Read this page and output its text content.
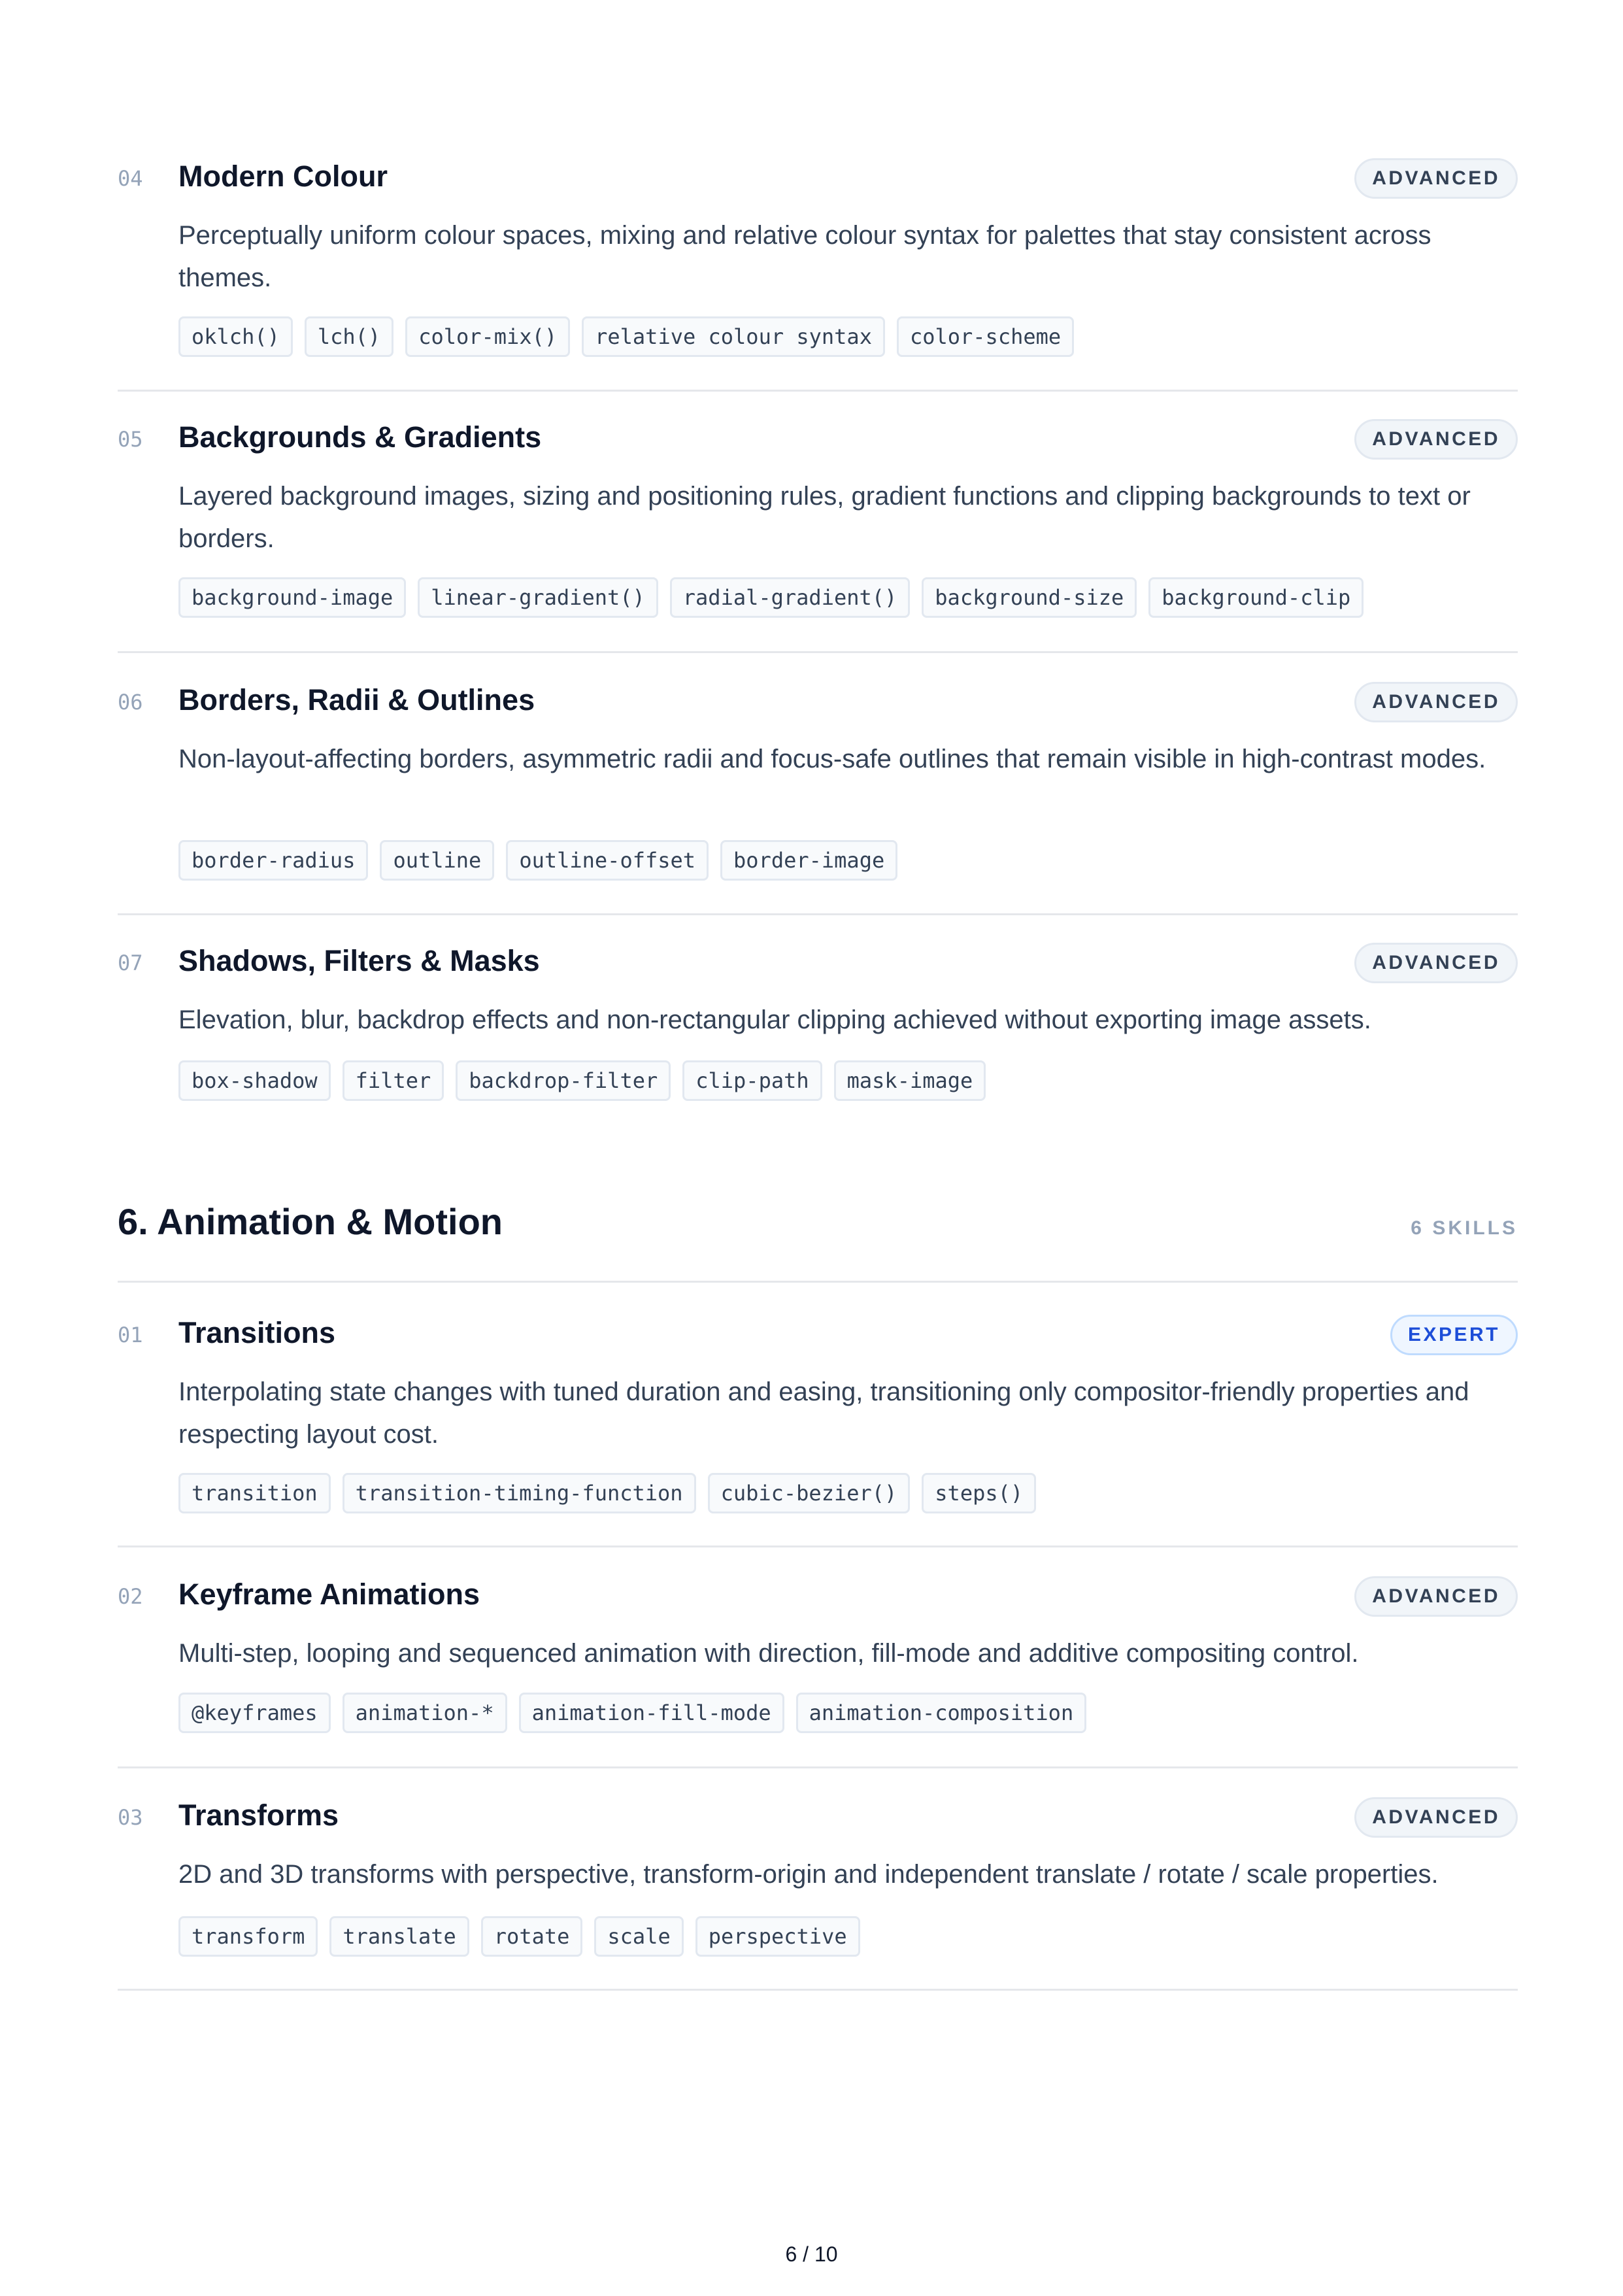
04 Modern Colour	ADVANCED
Perceptually uniform colour spaces, mixing and relative colour syntax for palettes that stay consistent across themes.
oklch()	lch()	color-mix()	relative colour syntax	color-scheme
05 Backgrounds & Gradients	ADVANCED
Layered background images, sizing and positioning rules, gradient functions and clipping backgrounds to text or borders.
background-image	linear-gradient()	radial-gradient()	background-size	background-clip
06 Borders, Radii & Outlines	ADVANCED
Non-layout-affecting borders, asymmetric radii and focus-safe outlines that remain visible in high-contrast modes.
border-radius	outline	outline-offset	border-image
07 Shadows, Filters & Masks	ADVANCED
Elevation, blur, backdrop effects and non-rectangular clipping achieved without exporting image assets.
box-shadow	filter	backdrop-filter	clip-path	mask-image
6. Animation & Motion	6 SKILLS
01 Transitions	EXPERT
Interpolating state changes with tuned duration and easing, transitioning only compositor-friendly properties and respecting layout cost.
transition	transition-timing-function	cubic-bezier()	steps()
02 Keyframe Animations	ADVANCED
Multi-step, looping and sequenced animation with direction, fill-mode and additive compositing control.
@keyframes	animation-*	animation-fill-mode	animation-composition
03 Transforms	ADVANCED
2D and 3D transforms with perspective, transform-origin and independent translate / rotate / scale properties.
transform	translate	rotate	scale	perspective
6 / 10
